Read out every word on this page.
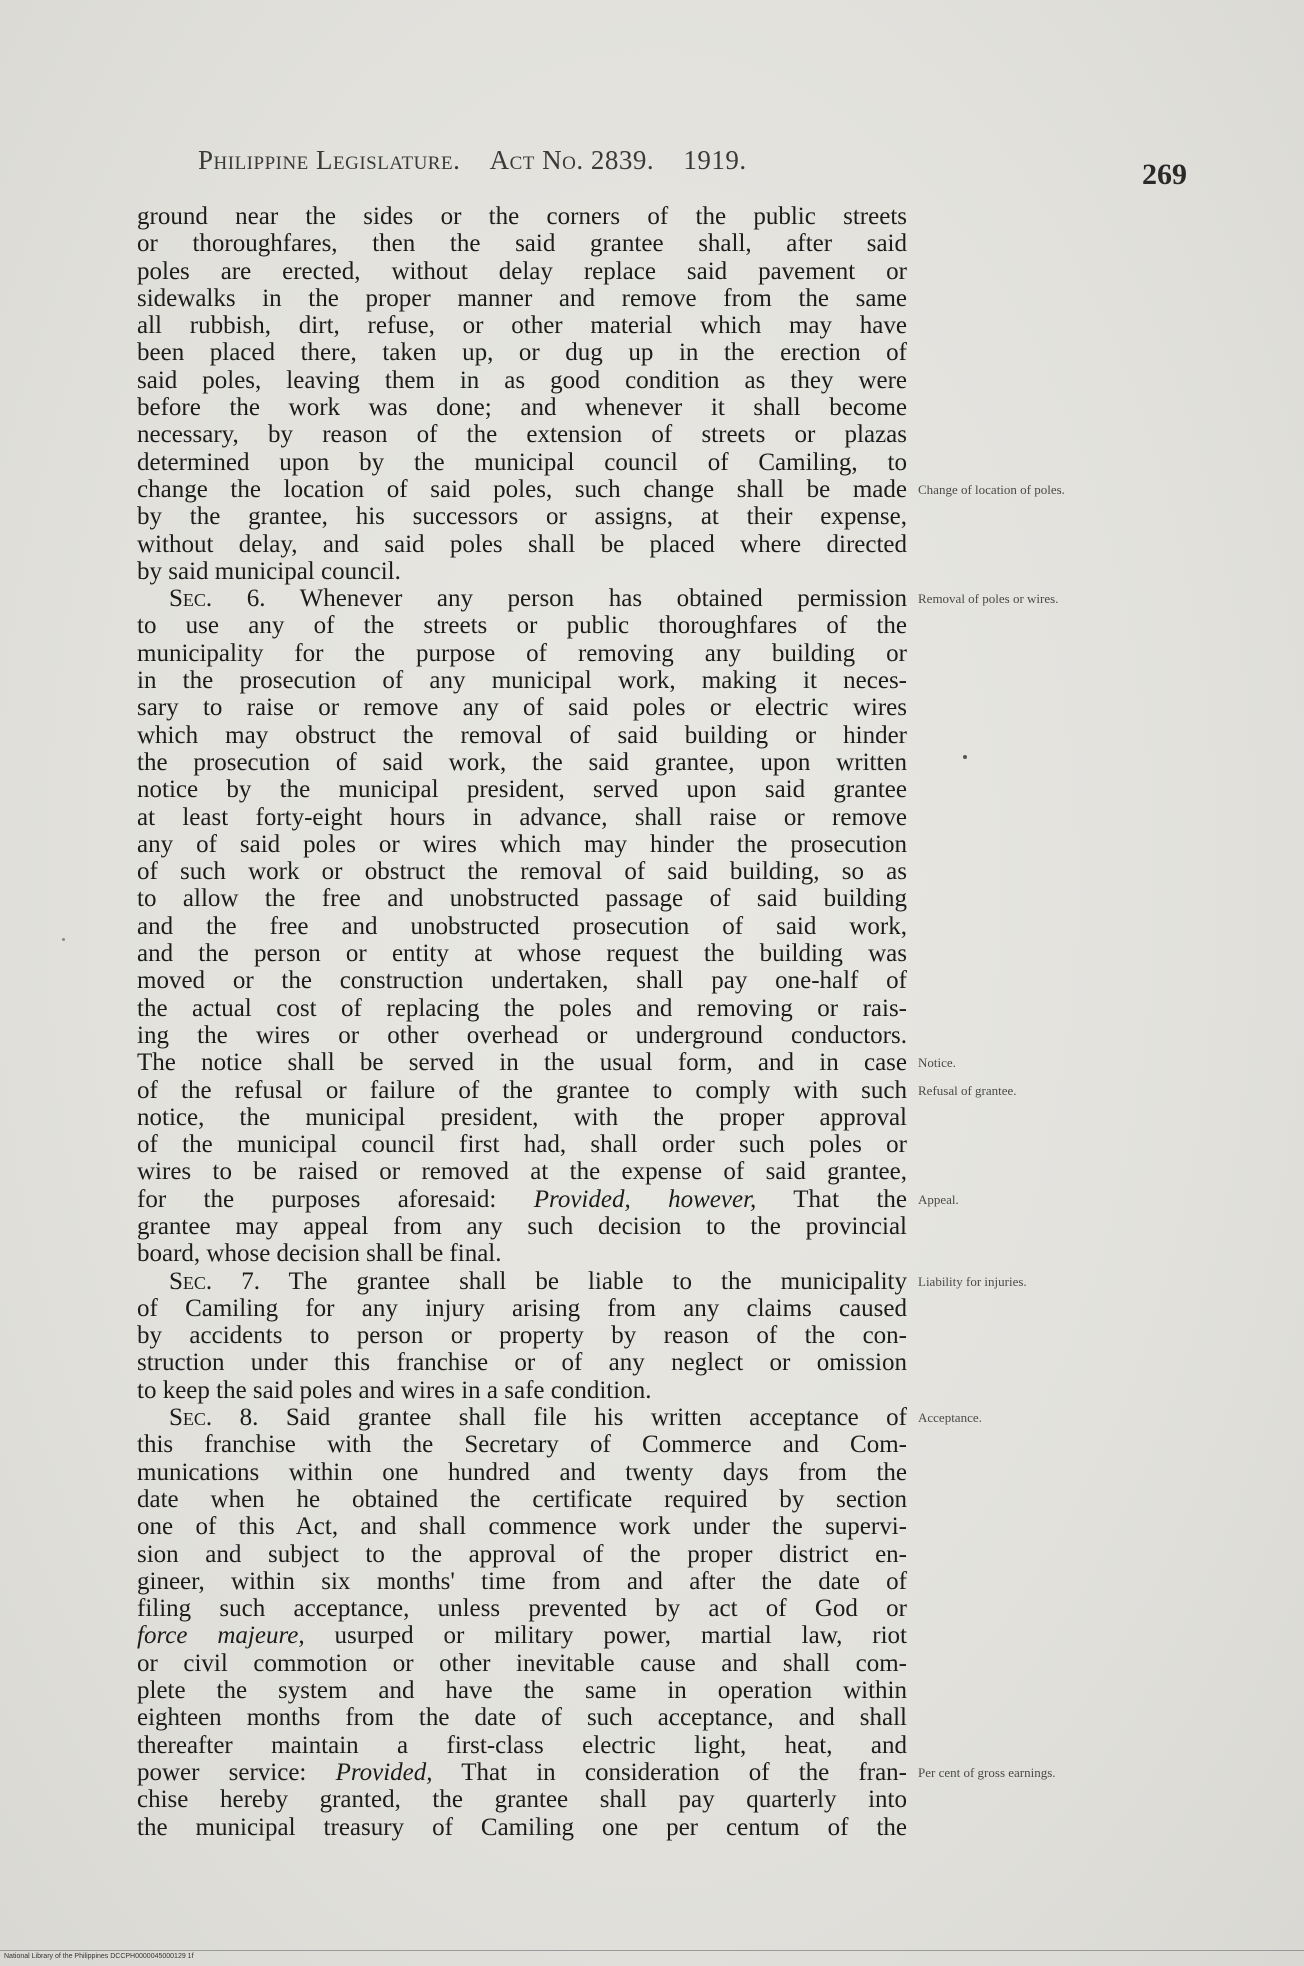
Philippine Legislature. Act No. 2839. 1919.	269
ground near the sides or the corners of the public streets
or thoroughfares, then the said grantee shall, after said
poles are erected, without delay replace said pavement or
sidewalks in the proper manner and remove from the same
all rubbish, dirt, refuse, or other material which may have
been placed there, taken up, or dug up in the erection of
said poles, leaving them in as good condition as they were
before the work was done; and whenever it shall become
necessary, by reason of the extension of streets or plazas
determined upon by the municipal council of Camiling, to
change the location of said poles, such change shall be made
by the grantee, his successors or assigns, at their expense,
without delay, and said poles shall be placed where directed
by said municipal council.
Sec. 6. Whenever any person has obtained permission
to use any of the streets or public thoroughfares of the
municipality for the purpose of removing any building or
in the prosecution of any municipal work, making it neces-
sary to raise or remove any of said poles or electric wires
which may obstruct the removal of said building or hinder
the prosecution of said work, the said grantee, upon written
notice by the municipal president, served upon said grantee
at least forty-eight hours in advance, shall raise or remove
any of said poles or wires which may hinder the prosecution
of such work or obstruct the removal of said building, so as
to allow the free and unobstructed passage of said building
and the free and unobstructed prosecution of said work,
and the person or entity at whose request the building was
moved or the construction undertaken, shall pay one-half of
the actual cost of replacing the poles and removing or rais-
ing the wires or other overhead or underground conductors.
The notice shall be served in the usual form, and in case
of the refusal or failure of the grantee to comply with such
notice, the municipal president, with the proper approval
of the municipal council first had, shall order such poles or
wires to be raised or removed at the expense of said grantee,
for the purposes aforesaid: Provided, however, That the
grantee may appeal from any such decision to the provincial
board, whose decision shall be final.
Sec. 7. The grantee shall be liable to the municipality
of Camiling for any injury arising from any claims caused
by accidents to person or property by reason of the con-
struction under this franchise or of any neglect or omission
to keep the said poles and wires in a safe condition.
Sec. 8. Said grantee shall file his written acceptance of
this franchise with the Secretary of Commerce and Com-
munications within one hundred and twenty days from the
date when he obtained the certificate required by section
one of this Act, and shall commence work under the supervi-
sion and subject to the approval of the proper district en-
gineer, within six months' time from and after the date of
filing such acceptance, unless prevented by act of God or
force majeure, usurped or military power, martial law, riot
or civil commotion or other inevitable cause and shall com-
plete the system and have the same in operation within
eighteen months from the date of such acceptance, and shall
thereafter maintain a first-class electric light, heat, and
power service: Provided, That in consideration of the fran-
chise hereby granted, the grantee shall pay quarterly into
the municipal treasury of Camiling one per centum of the
Change of location of poles.
Removal of poles or wires.
Notice.
Refusal of grantee.
Appeal.
Liability for injuries.
Acceptance.
Per cent of gross earnings.
National Library of the Philippines DCCPH0000045000129 1f
